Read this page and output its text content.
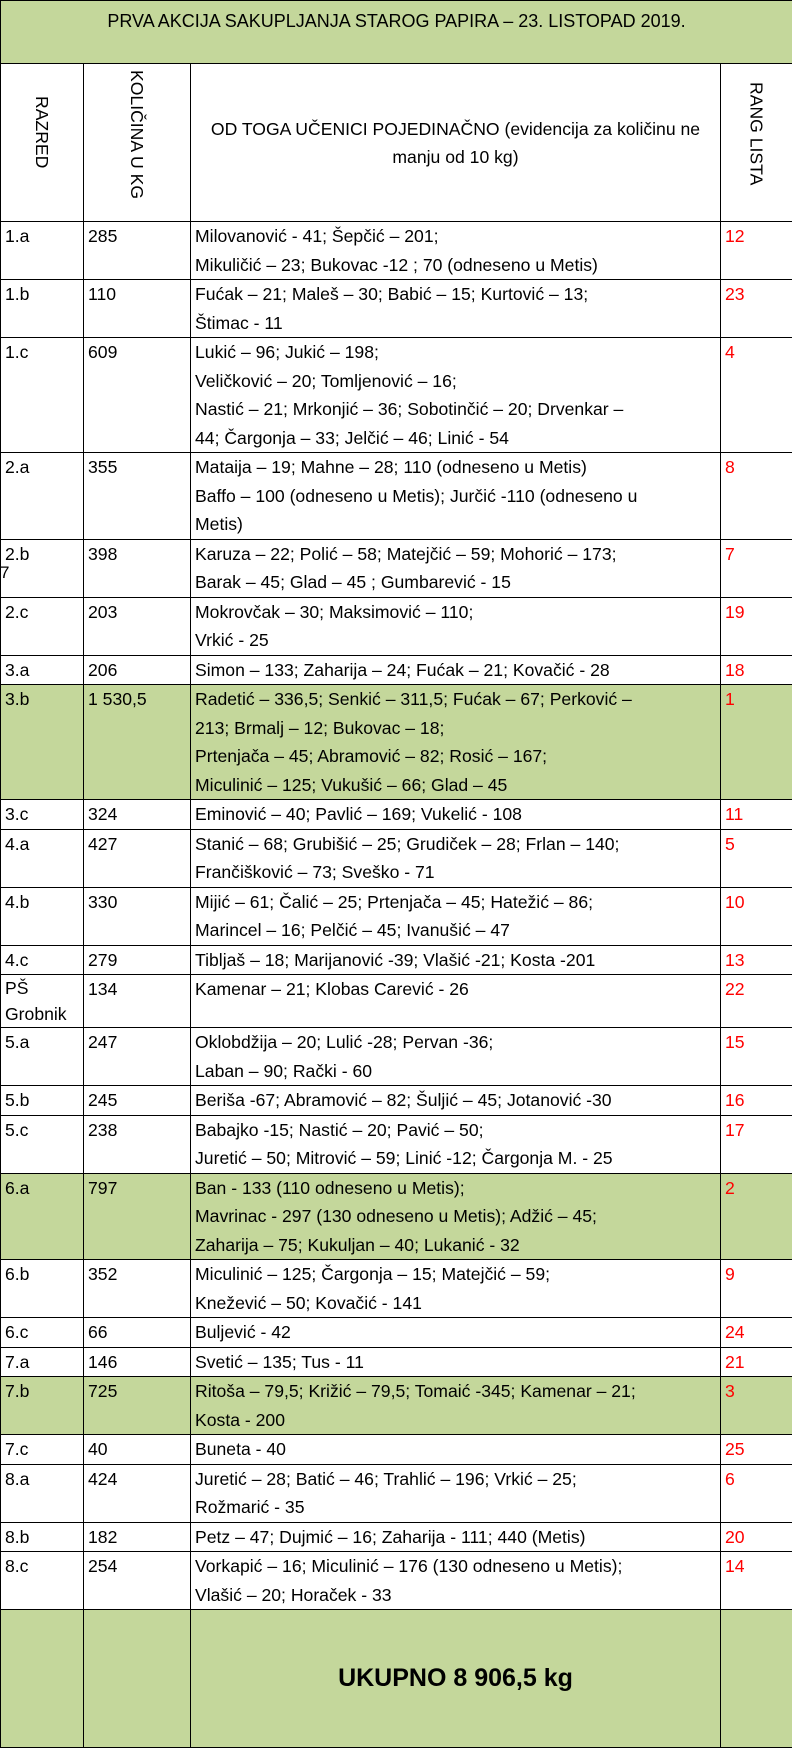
PRVA AKCIJA SAKUPLJANJA STAROG PAPIRA – 23. LISTOPAD 2019.			

RAZRED	KOLIČINA U KG	OD TOGA UČENICI POJEDINAČNO (evidencija za količinu ne manju od 10 kg)	RANG LISTA

1.a	285	Milovanović - 41; Šepčić – 201;
Mikuličić – 23; Bukovac -12 ; 70 (odneseno u Metis)	12
1.b	110	Fućak – 21; Maleš – 30; Babić – 15; Kurtović – 13;
Štimac - 11	23
1.c	609	Lukić – 96; Jukić – 198;
Veličković – 20; Tomljenović – 16;
Nastić – 21; Mrkonjić – 36; Sobotinčić – 20; Drvenkar –
44; Čargonja – 33; Jelčić – 46; Linić - 54	4
2.a	355	Mataija – 19; Mahne – 28; 110 (odneseno u Metis)
Baffo – 100 (odneseno u Metis); Jurčić -110 (odneseno u
Metis)	8
2.b	398	Karuza – 22; Polić – 58; Matejčić – 59; Mohorić – 173;
Barak – 45; Glad – 45 ; Gumbarević - 15	7
2.c	203	Mokrovčak – 30; Maksimović – 110;
Vrkić - 25	19
3.a	206	Simon – 133; Zaharija – 24; Fućak – 21; Kovačić - 28	18
3.b	1 530,5	Radetić – 336,5; Senkić – 311,5; Fućak – 67; Perković –
213; Brmalj – 12; Bukovac – 18;
Prtenjača – 45; Abramović – 82; Rosić – 167;
Miculinić – 125; Vukušić – 66; Glad – 45	1
3.c	324	Eminović – 40; Pavlić – 169; Vukelić - 108	11
4.a	427	Stanić – 68; Grubišić – 25; Grudiček – 28; Frlan – 140;
Frančišković – 73; Sveško - 71	5
4.b	330	Mijić – 61; Čalić – 25; Prtenjača – 45; Hatežić – 86;
Marincel – 16; Pelčić – 45; Ivanušić – 47	10
4.c	279	Tibljaš – 18; Marijanović -39; Vlašić -21; Kosta -201	13
PŠ Grobnik	134	Kamenar – 21; Klobas Carević - 26	22
5.a	247	Oklobdžija – 20; Lulić -28; Pervan -36;
Laban – 90; Rački - 60	15
5.b	245	Beriša -67; Abramović – 82; Šuljić – 45; Jotanović -30	16
5.c	238	Babajko -15; Nastić – 20; Pavić – 50;
Juretić – 50; Mitrović – 59; Linić -12; Čargonja M. - 25	17
6.a	797	Ban - 133 (110 odneseno u Metis);
Mavrinac - 297 (130 odneseno u Metis); Adžić – 45;
Zaharija – 75; Kukuljan – 40; Lukanić - 32	2
6.b	352	Miculinić – 125; Čargonja – 15; Matejčić – 59;
Knežević – 50; Kovačić - 141	9
6.c	66	Buljević - 42	24
7.a	146	Svetić – 135; Tus - 11	21
7.b	725	Ritoša – 79,5; Križić – 79,5; Tomaić -345; Kamenar – 21;
Kosta - 200	3
7.c	40	Buneta - 40	25
8.a	424	Juretić – 28; Batić – 46; Trahlić – 196; Vrkić – 25;
Rožmarić - 35	6
8.b	182	Petz – 47; Dujmić – 16; Zaharija - 111; 440 (Metis)	20
8.c	254	Vorkapić – 16; Miculinić – 176 (130 odneseno u Metis);
Vlašić – 20; Horaček - 33	14
		UKUPNO 8 906,5 kg	
7
